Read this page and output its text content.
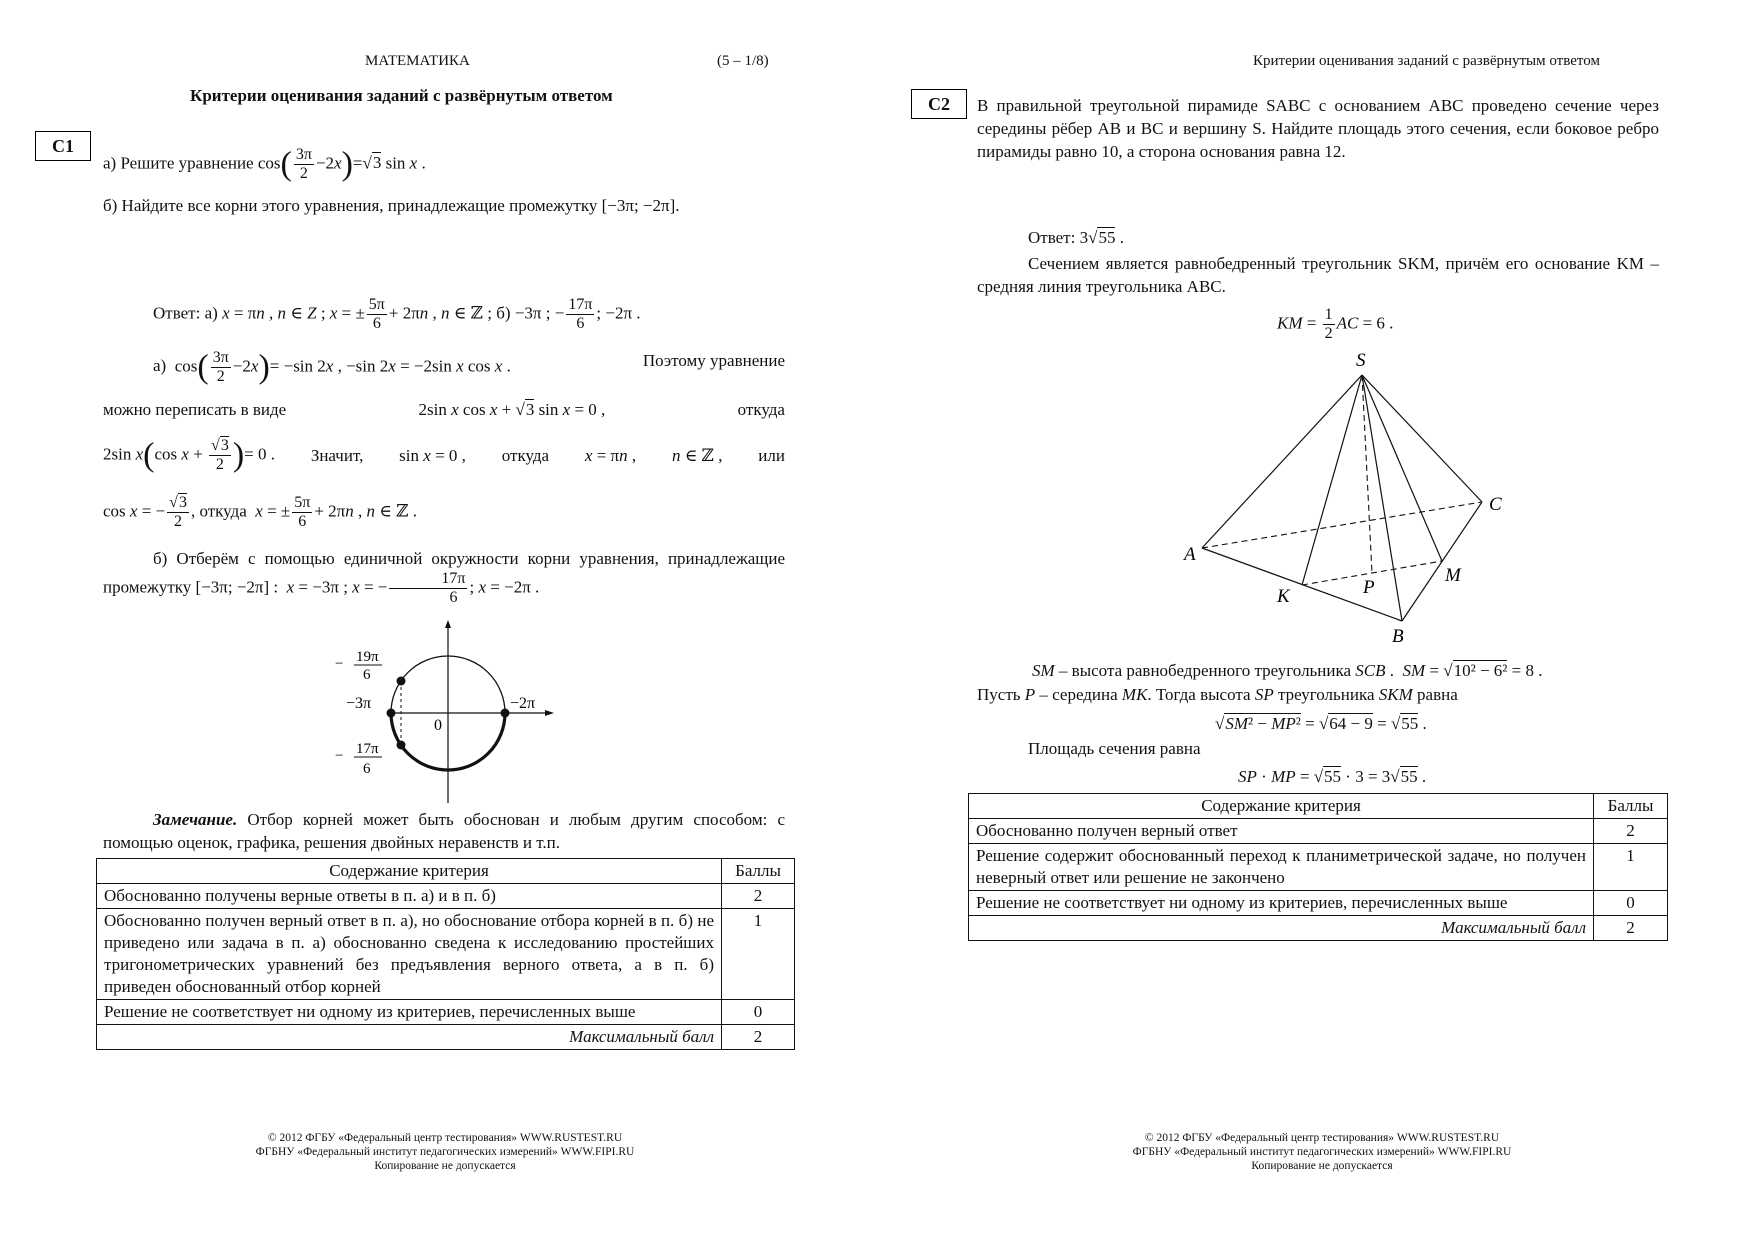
МАТЕМАТИКА	(5 – 1/8)
Критерии оценивания заданий с развёрнутым ответом
С1
а) Решите уравнение $\cos( \frac{3\pi}{2} -2x)=√3$ sin x .
б) Найдите все корни этого уравнения, принадлежащие промежутку [−3π; −2π].
Ответ: а) x = πn , n ∈ Z ; x = ± $\frac{5\pi}{6} + 2\pi n$ , n ∈ ℤ ; б) −3π ; − $\frac{17\pi}{6}$ ; −2π .
а)  $\cos( \frac{3\pi}{2} -2x)= -\sin$ 2x , −sin 2x = −2sin x cos x .	Поэтому уравнение
можно переписать в виде	2sin x cos x + √3 sin x = 0 ,	откуда
2sin x(cos $x + \frac{√3}{2}$ )= 0 . Значит, sin x = 0 , откуда x = πn , n ∈ ℤ , или
cos x = − $\frac{√3}{2}$ , откуда x = ± $\frac{5\pi}{6} + 2\pi n$ , n ∈ ℤ .
б) Отберём с помощью единичной окружности корни уравнения, принадлежащие промежутку [−3π; −2π] :  x = −3π ; x = − $\frac{17\pi}{6}$ ; x = −2π .
− 19π
6
−3π	−2π
0
− 17π
6
Замечание. Отбор корней может быть обоснован и любым другим способом: с помощью оценок, графика, решения двойных неравенств и т.п.
Содержание критерия	Баллы
Обоснованно получены верные ответы в п. а) и в п. б)	2
Обоснованно получен верный ответ в п. а), но обоснование отбора корней в п. б) не приведено или задача в п. а) обоснованно сведена к исследованию простейших тригонометрических уравнений без предъявления верного ответа, а в п. б) приведен обоснованный отбор корней	1
Решение не соответствует ни одному из критериев, перечисленных выше	0
Максимальный балл	2
© 2012 ФГБУ «Федеральный центр тестирования» WWW.RUSTEST.RU
ФГБНУ «Федеральный институт педагогических измерений» WWW.FIPI.RU
Копирование не допускается
Критерии оценивания заданий с развёрнутым ответом
С2	В правильной треугольной пирамиде SABC с основанием ABC проведено сечение через середины рёбер AB и BC и вершину S. Найдите площадь этого сечения, если боковое ребро пирамиды равно 10, а сторона основания равна 12.
Ответ: 3√55 .
Сечением является равнобедренный треугольник SKM, причём его основание KM – средняя линия треугольника ABC.
KM = $\frac{1}{2}$ AC = 6 .
S
A
B
C
K
M
P
SM – высота равнобедренного треугольника SCB .  SM = √10² − 6² = 8 .
Пусть P – середина MK. Тогда высота SP треугольника SKM равна
√SM² − MP² = √64 − 9 = √55 .
Площадь сечения равна
SP · MP = √55 · 3 = 3√55 .
Содержание критерия	Баллы
Обоснованно получен верный ответ	2
Решение содержит обоснованный переход к планиметрической задаче, но получен неверный ответ или решение не закончено	1
Решение не соответствует ни одному из критериев, перечисленных выше	0
Максимальный балл	2
© 2012 ФГБУ «Федеральный центр тестирования» WWW.RUSTEST.RU
ФГБНУ «Федеральный институт педагогических измерений» WWW.FIPI.RU
Копирование не допускается
